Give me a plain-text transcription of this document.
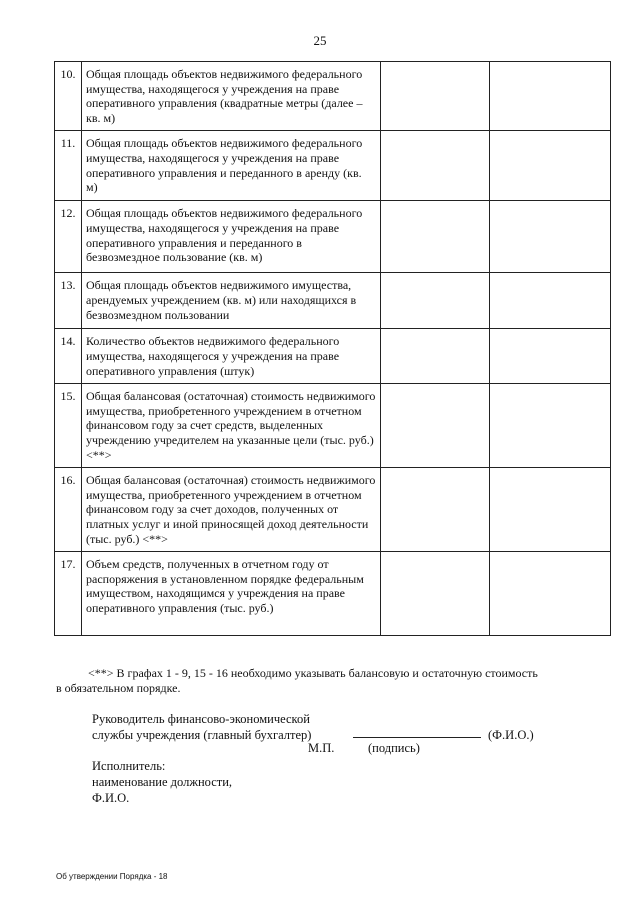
25
10.	Общая площадь объектов недвижимого федерального имущества, находящегося у учреждения на праве оперативного управления (квадратные метры (далее – кв. м)		
11.	Общая площадь объектов недвижимого федерального имущества, находящегося у учреждения на праве оперативного управления и переданного в аренду (кв. м)		
12.	Общая площадь объектов недвижимого федерального имущества, находящегося у учреждения на праве оперативного управления и переданного в безвозмездное пользование (кв. м)		
13.	Общая площадь объектов недвижимого имущества, арендуемых учреждением (кв. м) или находящихся в безвозмездном пользовании		
14.	Количество объектов недвижимого федерального имущества, находящегося у учреждения на праве оперативного управления (штук)		
15.	Общая балансовая (остаточная) стоимость недвижимого имущества, приобретенного учреждением в отчетном финансовом году за счет средств, выделенных учреждению учредителем на указанные цели (тыс. руб.) <**>		
16.	Общая балансовая (остаточная) стоимость недвижимого имущества, приобретенного учреждением в отчетном финансовом году за счет доходов, полученных от платных услуг и иной приносящей доход деятельности (тыс. руб.) <**>		
17.	Объем средств, полученных в отчетном году от распоряжения в установленном порядке федеральным имуществом, находящимся у учреждения на праве оперативного управления (тыс. руб.)		
<**> В графах 1 - 9, 15 - 16 необходимо указывать балансовую и остаточную стоимость
в обязательном порядке.
Руководитель финансово-экономической
службы учреждения (главный бухгалтер)	(Ф.И.О.)
М.П.	(подпись)
Исполнитель:
наименование должности,
Ф.И.О.
Об утверждении Порядка - 18
